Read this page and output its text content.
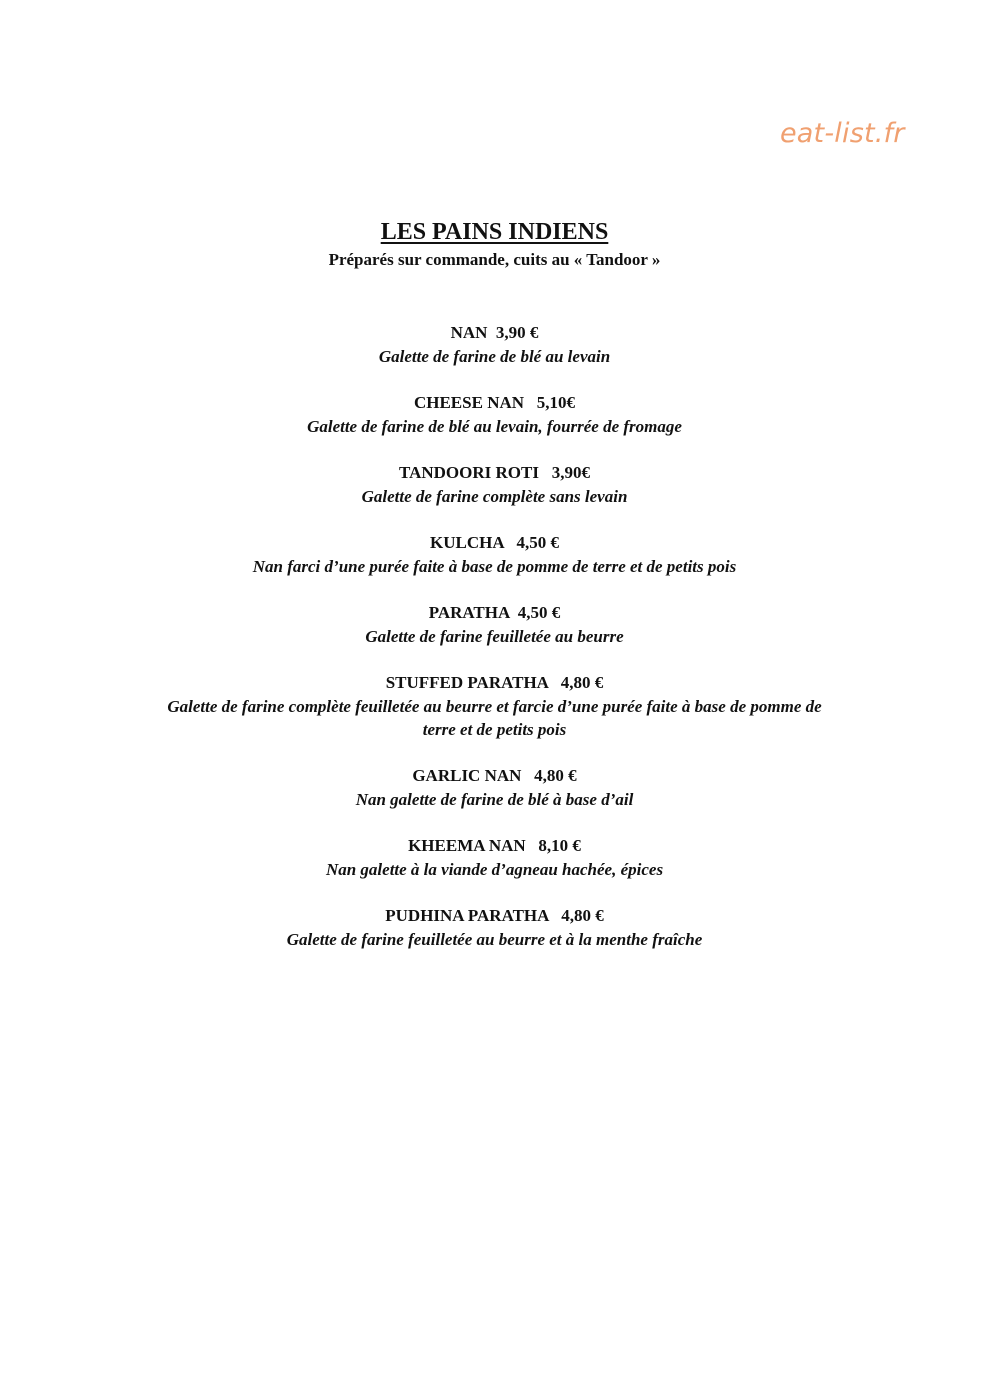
eat-list.fr
LES PAINS INDIENS
Préparés sur commande, cuits au « Tandoor »
NAN 3,90 €
Galette de farine de blé au levain
CHEESE NAN 5,10€
Galette de farine de blé au levain, fourrée de fromage
TANDOORI ROTI 3,90€
Galette de farine complète sans levain
KULCHA 4,50 €
Nan farci d’une purée faite à base de pomme de terre et de petits pois
PARATHA 4,50 €
Galette de farine feuilletée au beurre
STUFFED PARATHA 4,80 €
Galette de farine complète feuilletée au beurre et farcie d’une purée faite à base de pomme de terre et de petits pois
GARLIC NAN 4,80 €
Nan galette de farine de blé à base d’ail
KHEEMA NAN 8,10 €
Nan galette à la viande d’agneau hachée, épices
PUDHINA PARATHA 4,80 €
Galette de farine feuilletée au beurre et à la menthe fraîche
